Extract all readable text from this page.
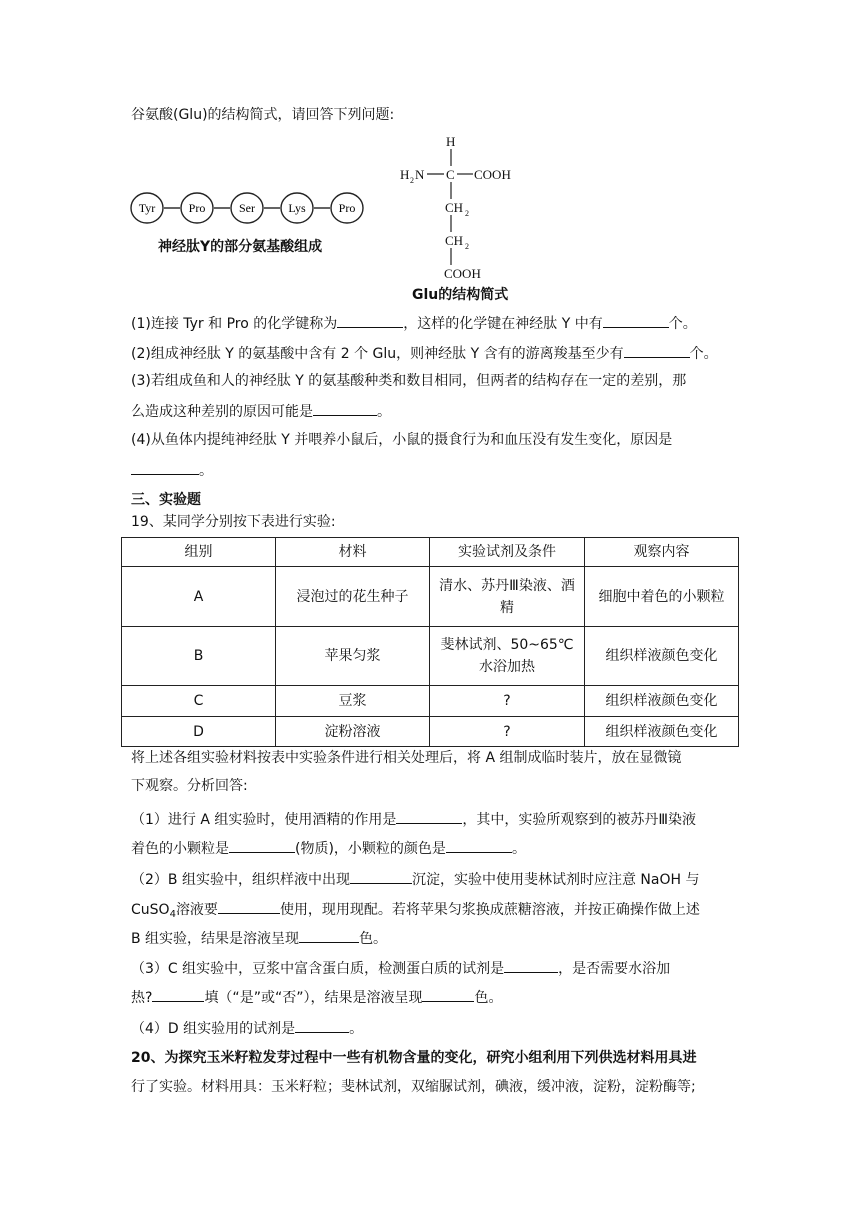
谷氨酸(Glu)的结构简式，请回答下列问题:
Tyr	Pro	Ser	Lys	Pro
神经肽Y的部分氨基酸组成
H
H 2 N C COOH
CH 2
CH 2
COOH
Glu的结构简式
(1)连接 Tyr 和 Pro 的化学键称为	，这样的化学键在神经肽 Y 中有	个。
(2)组成神经肽 Y 的氨基酸中含有 2 个 Glu，则神经肽 Y 含有的游离羧基至少有	个。
(3)若组成鱼和人的神经肽 Y 的氨基酸种类和数目相同，但两者的结构存在一定的差别，那
么造成这种差别的原因可能是	。
(4)从鱼体内提纯神经肽 Y 并喂养小鼠后，小鼠的摄食行为和血压没有发生变化，原因是
。
三、实验题
19、某同学分别按下表进行实验:
组别	材料	实验试剂及条件	观察内容
A	浸泡过的花生种子	清水、苏丹Ⅲ染液、酒精	细胞中着色的小颗粒
B	苹果匀浆	斐林试剂、50~65℃水浴加热	组织样液颜色变化
C	豆浆	?	组织样液颜色变化
D	淀粉溶液	?	组织样液颜色变化
将上述各组实验材料按表中实验条件进行相关处理后，将 A 组制成临时装片，放在显微镜
下观察。分析回答:
（1）进行 A 组实验时，使用酒精的作用是	，其中，实验所观察到的被苏丹Ⅲ染液
着色的小颗粒是	(物质)，小颗粒的颜色是	。
（2）B 组实验中，组织样液中出现	沉淀，实验中使用斐林试剂时应注意 NaOH 与
CuSO$_4$溶液要	使用，现用现配。若将苹果匀浆换成蔗糖溶液，并按正确操作做上述
B 组实验，结果是溶液呈现	色。
（3）C 组实验中，豆浆中富含蛋白质，检测蛋白质的试剂是	，是否需要水浴加
热?	填（“是”或“否”），结果是溶液呈现	色。
（4）D 组实验用的试剂是	。
20、为探究玉米籽粒发芽过程中一些有机物含量的变化，研究小组利用下列供选材料用具进
行了实验。材料用具：玉米籽粒；斐林试剂，双缩脲试剂，碘液，缓冲液，淀粉，淀粉酶等;
